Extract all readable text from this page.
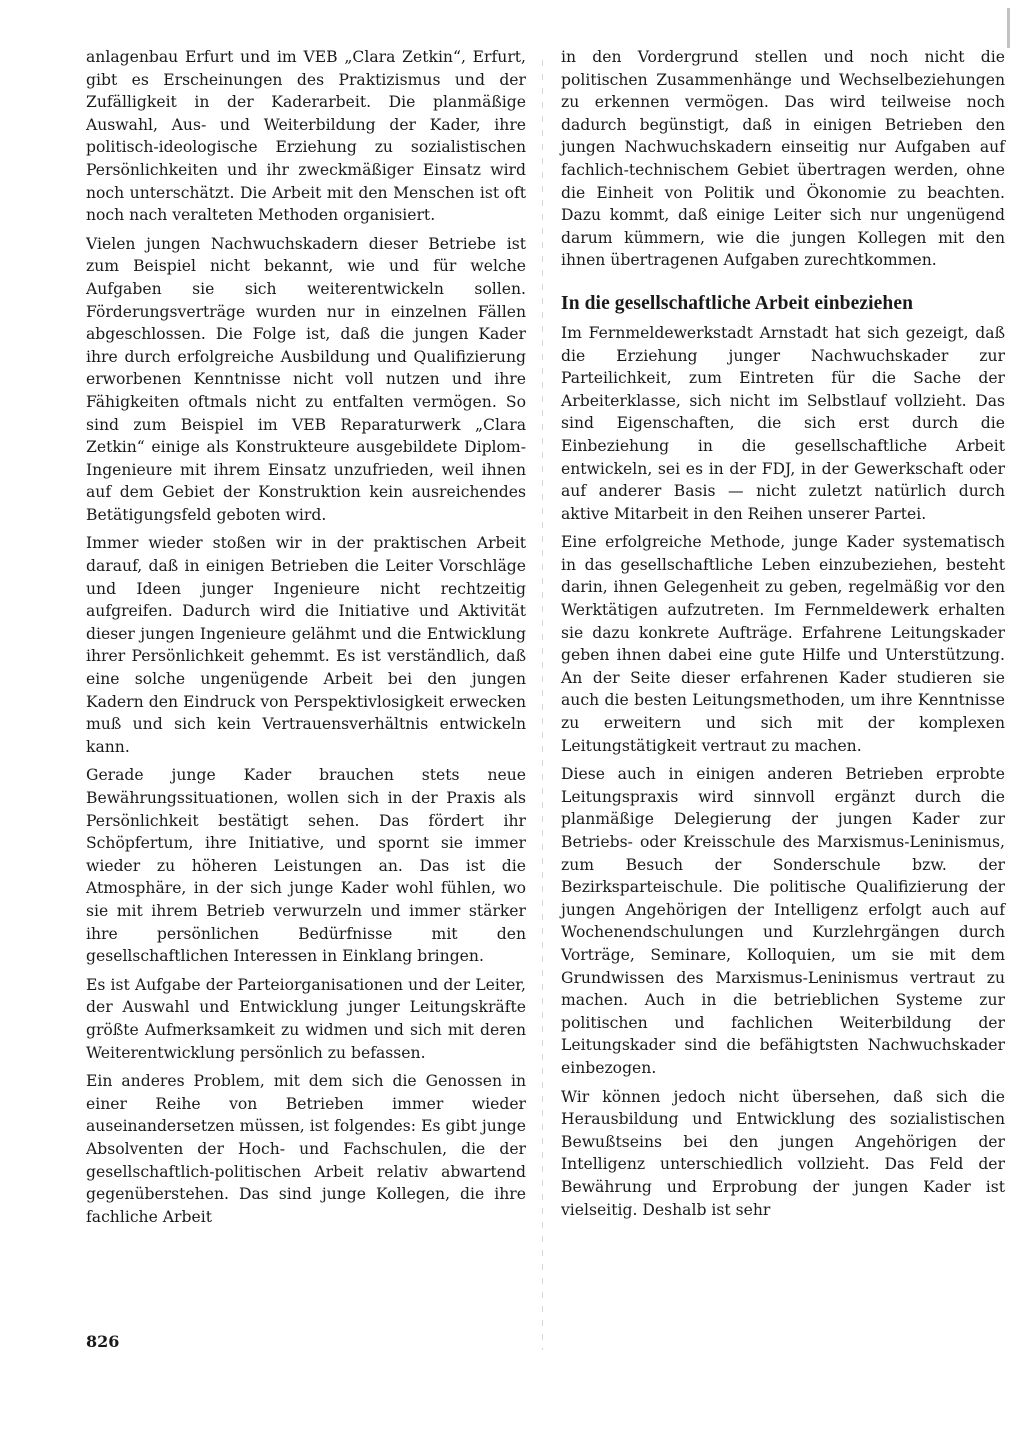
anlagenbau Erfurt und im VEB „Clara Zetkin“, Erfurt, gibt es Erscheinungen des Praktizismus und der Zufälligkeit in der Kaderarbeit. Die planmäßige Auswahl, Aus- und Weiterbildung der Kader, ihre politisch-ideologische Erziehung zu sozialistischen Persönlichkeiten und ihr zweckmäßiger Einsatz wird noch unterschätzt. Die Arbeit mit den Menschen ist oft noch nach veralteten Methoden organisiert.

Vielen jungen Nachwuchskadern dieser Betriebe ist zum Beispiel nicht bekannt, wie und für welche Aufgaben sie sich weiterentwickeln sollen. Förderungsverträge wurden nur in einzelnen Fällen abgeschlossen. Die Folge ist, daß die jungen Kader ihre durch erfolgreiche Ausbildung und Qualifizierung erworbenen Kenntnisse nicht voll nutzen und ihre Fähigkeiten oftmals nicht zu entfalten vermögen. So sind zum Beispiel im VEB Reparaturwerk „Clara Zetkin“ einige als Konstrukteure ausgebildete Diplom-Ingenieure mit ihrem Einsatz unzufrieden, weil ihnen auf dem Gebiet der Konstruktion kein ausreichendes Betätigungsfeld geboten wird.

Immer wieder stoßen wir in der praktischen Arbeit darauf, daß in einigen Betrieben die Leiter Vorschläge und Ideen junger Ingenieure nicht rechtzeitig aufgreifen. Dadurch wird die Initiative und Aktivität dieser jungen Ingenieure gelähmt und die Entwicklung ihrer Persönlichkeit gehemmt. Es ist verständlich, daß eine solche ungenügende Arbeit bei den jungen Kadern den Eindruck von Perspektivlosigkeit erwecken muß und sich kein Vertrauensverhältnis entwickeln kann.

Gerade junge Kader brauchen stets neue Bewährungssituationen, wollen sich in der Praxis als Persönlichkeit bestätigt sehen. Das fördert ihr Schöpfertum, ihre Initiative, und spornt sie immer wieder zu höheren Leistungen an. Das ist die Atmosphäre, in der sich junge Kader wohl fühlen, wo sie mit ihrem Betrieb verwurzeln und immer stärker ihre persönlichen Bedürfnisse mit den gesellschaftlichen Interessen in Einklang bringen.

Es ist Aufgabe der Parteiorganisationen und der Leiter, der Auswahl und Entwicklung junger Leitungskräfte größte Aufmerksamkeit zu widmen und sich mit deren Weiterentwicklung persönlich zu befassen.

Ein anderes Problem, mit dem sich die Genossen in einer Reihe von Betrieben immer wieder auseinandersetzen müssen, ist folgendes: Es gibt junge Absolventen der Hoch- und Fachschulen, die der gesellschaftlich-politischen Arbeit relativ abwartend gegenüberstehen. Das sind junge Kollegen, die ihre fachliche Arbeit

in den Vordergrund stellen und noch nicht die politischen Zusammenhänge und Wechselbeziehungen zu erkennen vermögen. Das wird teilweise noch dadurch begünstigt, daß in einigen Betrieben den jungen Nachwuchskadern einseitig nur Aufgaben auf fachlich-technischem Gebiet übertragen werden, ohne die Einheit von Politik und Ökonomie zu beachten. Dazu kommt, daß einige Leiter sich nur ungenügend darum kümmern, wie die jungen Kollegen mit den ihnen übertragenen Aufgaben zurechtkommen.

In die gesellschaftliche Arbeit einbeziehen

Im Fernmeldewerkstadt Arnstadt hat sich gezeigt, daß die Erziehung junger Nachwuchskader zur Parteilichkeit, zum Eintreten für die Sache der Arbeiterklasse, sich nicht im Selbstlauf vollzieht. Das sind Eigenschaften, die sich erst durch die Einbeziehung in die gesellschaftliche Arbeit entwickeln, sei es in der FDJ, in der Gewerkschaft oder auf anderer Basis — nicht zuletzt natürlich durch aktive Mitarbeit in den Reihen unserer Partei.

Eine erfolgreiche Methode, junge Kader systematisch in das gesellschaftliche Leben einzubeziehen, besteht darin, ihnen Gelegenheit zu geben, regelmäßig vor den Werktätigen aufzutreten. Im Fernmeldewerk erhalten sie dazu konkrete Aufträge. Erfahrene Leitungskader geben ihnen dabei eine gute Hilfe und Unterstützung. An der Seite dieser erfahrenen Kader studieren sie auch die besten Leitungsmethoden, um ihre Kenntnisse zu erweitern und sich mit der komplexen Leitungstätigkeit vertraut zu machen.

Diese auch in einigen anderen Betrieben erprobte Leitungspraxis wird sinnvoll ergänzt durch die planmäßige Delegierung der jungen Kader zur Betriebs- oder Kreisschule des Marxismus-Leninismus, zum Besuch der Sonderschule bzw. der Bezirksparteischule. Die politische Qualifizierung der jungen Angehörigen der Intelligenz erfolgt auch auf Wochenendschulungen und Kurzlehrgängen durch Vorträge, Seminare, Kolloquien, um sie mit dem Grundwissen des Marxismus-Leninismus vertraut zu machen. Auch in die betrieblichen Systeme zur politischen und fachlichen Weiterbildung der Leitungskader sind die befähigtsten Nachwuchskader einbezogen.

Wir können jedoch nicht übersehen, daß sich die Herausbildung und Entwicklung des sozialistischen Bewußtseins bei den jungen Angehörigen der Intelligenz unterschiedlich vollzieht. Das Feld der Bewährung und Erprobung der jungen Kader ist vielseitig. Deshalb ist sehr

826
